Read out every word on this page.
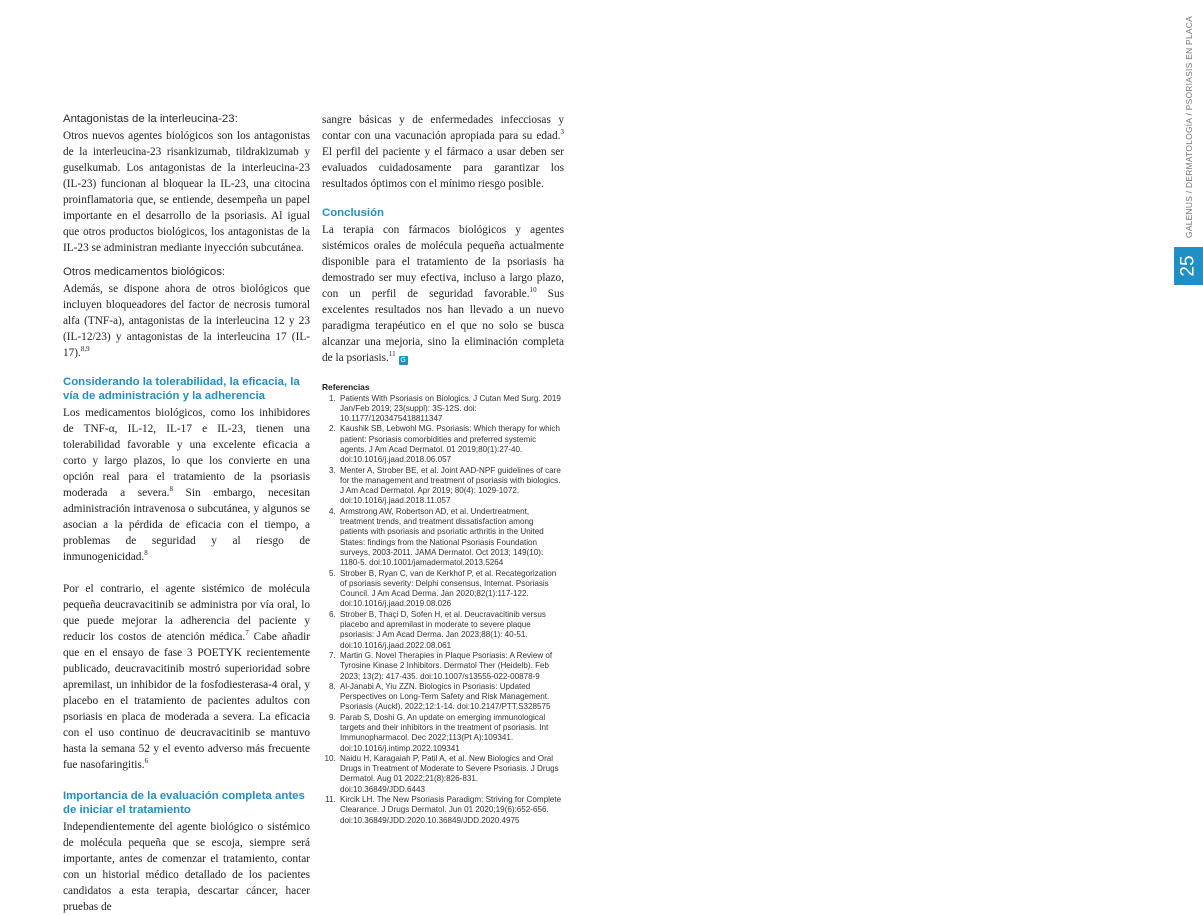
GALENUS / DERMATOLOGÍA / PSORIASIS EN PLACA
25

Antagonistas de la interleucina-23:

Otros nuevos agentes biológicos son los antagonistas de la interleucina-23 risankizumab, tildrakizumab y guselkumab. Los antagonistas de la interleucina-23 (IL-23) funcionan al bloquear la IL-23, una citocina proinflamatoria que, se entiende, desempeña un papel importante en el desarrollo de la psoriasis. Al igual que otros productos biológicos, los antagonistas de la IL-23 se administran mediante inyección subcutánea.

Otros medicamentos biológicos:

Además, se dispone ahora de otros biológicos que incluyen bloqueadores del factor de necrosis tumoral alfa (TNF-a), antagonistas de la interleucina 12 y 23 (IL-12/23) y antagonistas de la interleucina 17 (IL-17).$^{8,9}$

Considerando la tolerabilidad, la eficacia, la vía de administración y la adherencia

Los medicamentos biológicos, como los inhibidores de TNF-α, IL-12, IL-17 e IL-23, tienen una tolerabilidad favorable y una excelente eficacia a corto y largo plazos, lo que los convierte en una opción real para el tratamiento de la psoriasis moderada a severa.$^8$ Sin embargo, necesitan administración intravenosa o subcutánea, y algunos se asocian a la pérdida de eficacia con el tiempo, a problemas de seguridad y al riesgo de inmunogenicidad.$^8$

Por el contrario, el agente sistémico de molécula pequeña deucravacitinib se administra por vía oral, lo que puede mejorar la adherencia del paciente y reducir los costos de atención médica.$^7$ Cabe añadir que en el ensayo de fase 3 POETYK recientemente publicado, deucravacitinib mostró superioridad sobre apremilast, un inhibidor de la fosfodiesterasa-4 oral, y placebo en el tratamiento de pacientes adultos con psoriasis en placa de moderada a severa. La eficacia con el uso continuo de deucravacitinib se mantuvo hasta la semana 52 y el evento adverso más frecuente fue nasofaringitis.$^6$

Importancia de la evaluación completa antes de iniciar el tratamiento

Independientemente del agente biológico o sistémico de molécula pequeña que se escoja, siempre será importante, antes de comenzar el tratamiento, contar con un historial médico detallado de los pacientes candidatos a esta terapia, descartar cáncer, hacer pruebas de

sangre básicas y de enfermedades infecciosas y contar con una vacunación apropiada para su edad.$^3$ El perfil del paciente y el fármaco a usar deben ser evaluados cuidadosamente para garantizar los resultados óptimos con el mínimo riesgo posible.

Conclusión

La terapia con fármacos biológicos y agentes sistémicos orales de molécula pequeña actualmente disponible para el tratamiento de la psoriasis ha demostrado ser muy efectiva, incluso a largo plazo, con un perfil de seguridad favorable.$^{10}$ Sus excelentes resultados nos han llevado a un nuevo paradigma terapéutico en el que no solo se busca alcanzar una mejoria, sino la eliminación completa de la psoriasis.$^{11}$G

Referencias

1. Patients With Psoriasis on Biologics. J Cutan Med Surg. 2019 Jan/Feb 2019; 23(suppl): 3S-12S. doi: 10.1177/1203475418811347
2. Kaushik SB, Lebwohl MG. Psoriasis: Which therapy for which patient: Psoriasis comorbidities and preferred systemic agents. J Am Acad Dermatol. 01 2019;80(1):27-40. doi:10.1016/j.jaad.2018.06.057
3. Menter A, Strober BE, et al. Joint AAD-NPF guidelines of care for the management and treatment of psoriasis with biologics. J Am Acad Dermatol. Apr 2019; 80(4): 1029-1072. doi:10.1016/j.jaad.2018.11.057
4. Armstrong AW, Robertson AD, et al. Undertreatment, treatment trends, and treatment dissatisfaction among patients with psoriasis and psoriatic arthritis in the United States: findings from the National Psoriasis Foundation surveys, 2003-2011. JAMA Dermatol. Oct 2013; 149(10): 1180-5. doi:10.1001/jamadermatol.2013.5264
5. Strober B, Ryan C, van de Kerkhof P, et al. Recategorization of psoriasis severity: Delphi consensus, Internat. Psoriasis Council. J Am Acad Derma. Jan 2020;82(1):117-122. doi:10.1016/j.jaad.2019.08.026
6. Strober B, Thaçi D, Sofen H, et al. Deucravacitinib versus placebo and apremilast in moderate to severe plaque psoriasis: J Am Acad Derma. Jan 2023;88(1): 40-51. doi:10.1016/j.jaad.2022.08.061
7. Martin G. Novel Therapies in Plaque Psoriasis: A Review of Tyrosine Kinase 2 Inhibitors. Dermatol Ther (Heidelb). Feb 2023; 13(2): 417-435. doi:10.1007/s13555-022-00878-9
8. Al-Janabi A, Yiu ZZN. Biologics in Psoriasis: Updated Perspectives on Long-Term Safety and Risk Management. Psoriasis (Auckl). 2022;12:1-14. doi:10.2147/PTT.S328575
9. Parab S, Doshi G. An update on emerging immunological targets and their inhibitors in the treatment of psoriasis. Int Immunopharmacol. Dec 2022;113(Pt A):109341. doi:10.1016/j.intimp.2022.109341
10. Naidu H, Karagaiah P, Patil A, et al. New Biologics and Oral Drugs in Treatment of Moderate to Severe Psoriasis. J Drugs Dermatol. Aug 01 2022;21(8):826-831. doi:10.36849/JDD.6443
11. Kircik LH. The New Psoriasis Paradigm: Striving for Complete Clearance. J Drugs Dermatol. Jun 01 2020;19(6):652-656. doi:10.36849/JDD.2020.10.36849/JDD.2020.4975
